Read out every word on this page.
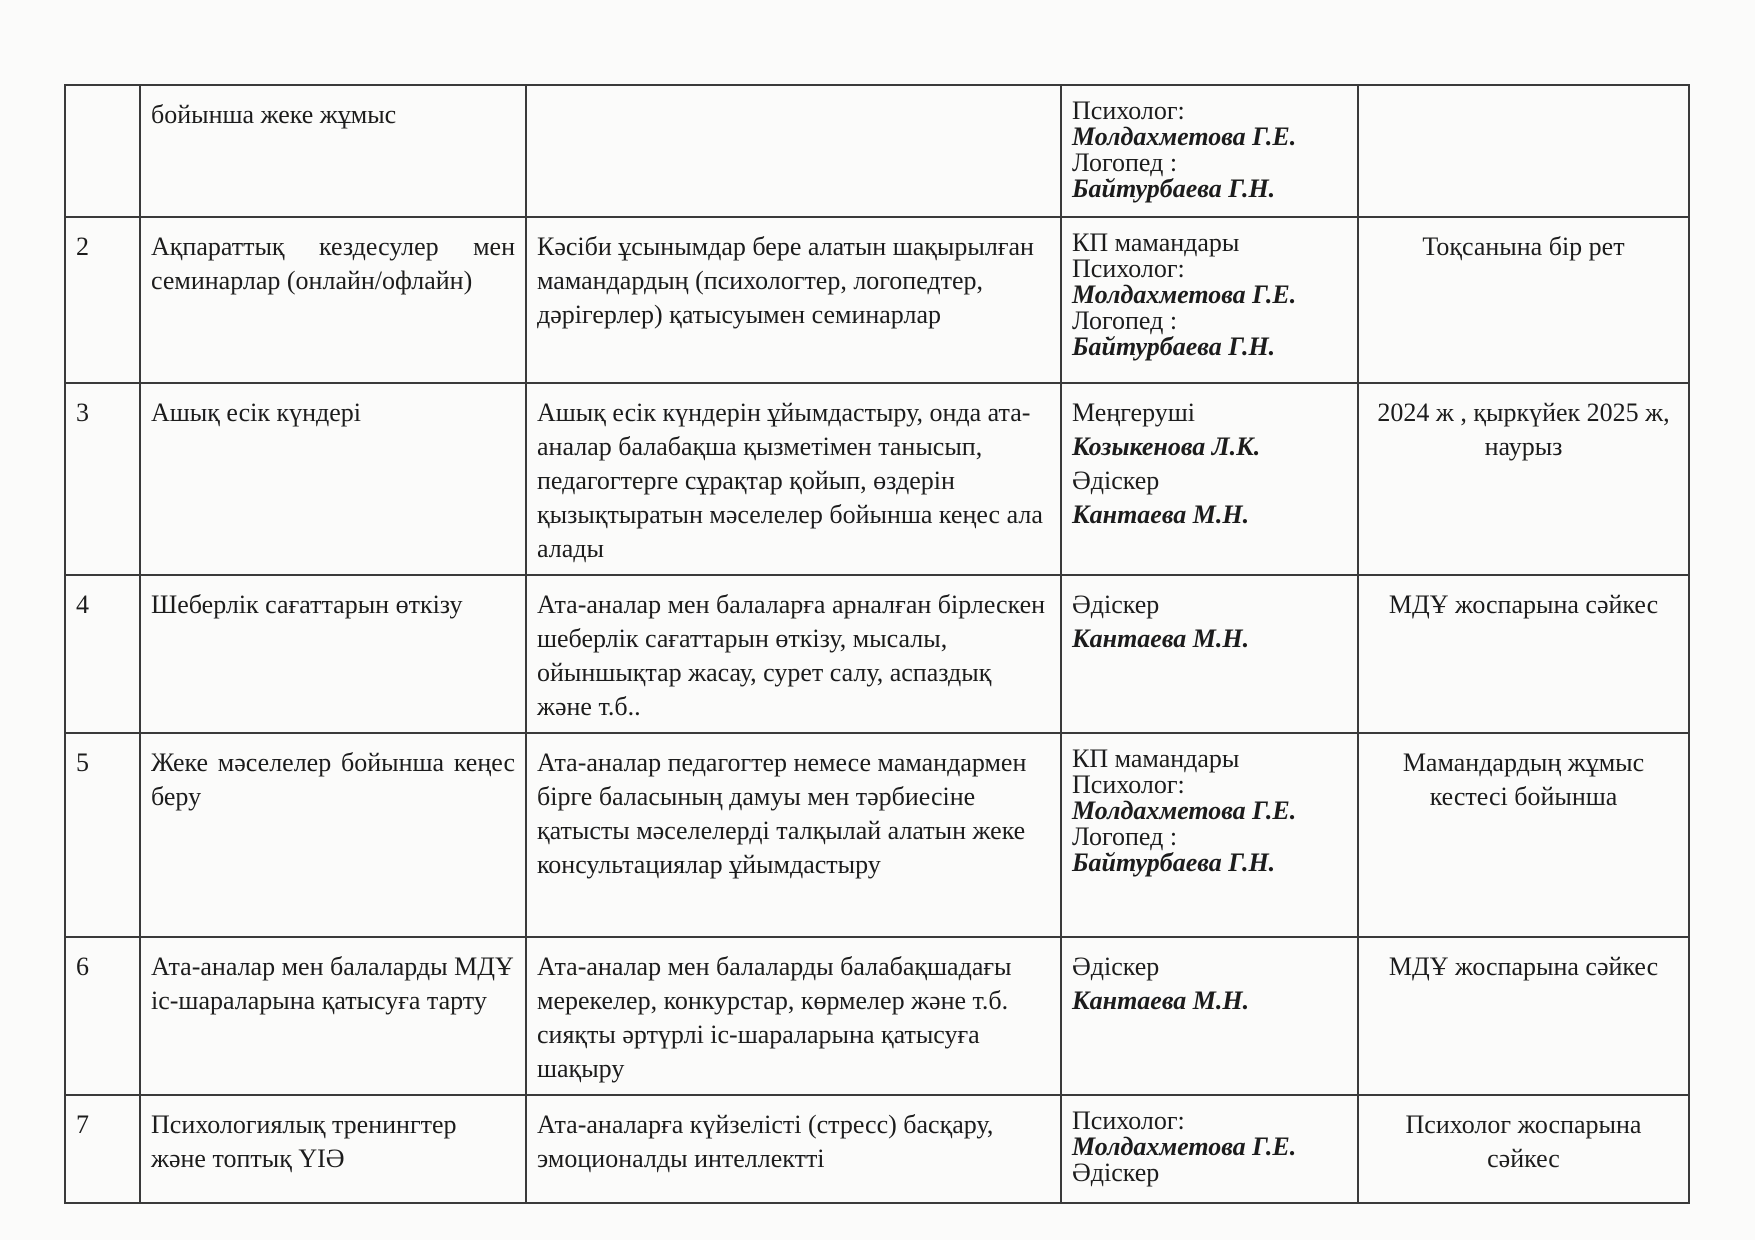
	бойынша жеке жұмыс		Психолог:
Молдахметова Г.Е.
Логопед :
Байтурбаева Г.Н.	

2	Ақпараттық кездесулер мен семинарлар (онлайн/офлайн)	Кәсіби ұсынымдар бере алатын шақырылған мамандардың (психологтер, логопедтер, дәрігерлер) қатысуымен семинарлар	КП мамандары
Психолог:
Молдахметова Г.Е.
Логопед :
Байтурбаева Г.Н.	Тоқсанына бір рет
3	Ашық есік күндері	Ашық есік күндерін ұйымдастыру, онда ата-аналар балабақша қызметімен танысып, педагогтерге сұрақтар қойып, өздерін қызықтыратын мәселелер бойынша кеңес ала алады	Меңгеруші
Козыкенова Л.К.
Әдіскер
Кантаева М.Н.	2024 ж , қыркүйек 2025 ж, наурыз
4	Шеберлік сағаттарын өткізу	Ата-аналар мен балаларға арналған бірлескен шеберлік сағаттарын өткізу, мысалы, ойыншықтар жасау, сурет салу, аспаздық және т.б..	Әдіскер
Кантаева М.Н.	МДҰ жоспарына сәйкес
5	Жеке мәселелер бойынша кеңес беру	Ата-аналар педагогтер немесе мамандармен бірге баласының дамуы мен тәрбиесіне қатысты мәселелерді талқылай алатын жеке консультациялар ұйымдастыру	КП мамандары
Психолог:
Молдахметова Г.Е.
Логопед :
Байтурбаева Г.Н.	Мамандардың жұмыс кестесі бойынша
6	Ата-аналар мен балаларды МДҰ іс-шараларына қатысуға тарту	Ата-аналар мен балаларды балабақшадағы мерекелер, конкурстар, көрмелер және т.б. сияқты әртүрлі іс-шараларына қатысуға шақыру	Әдіскер
Кантаева М.Н.	МДҰ жоспарына сәйкес
7	Психологиялық тренингтер және топтық ҮІӘ	Ата-аналарға күйзелісті (стресс) басқару, эмоционалды интеллектті	Психолог:
Молдахметова Г.Е.
Әдіскер	Психолог жоспарына сәйкес
